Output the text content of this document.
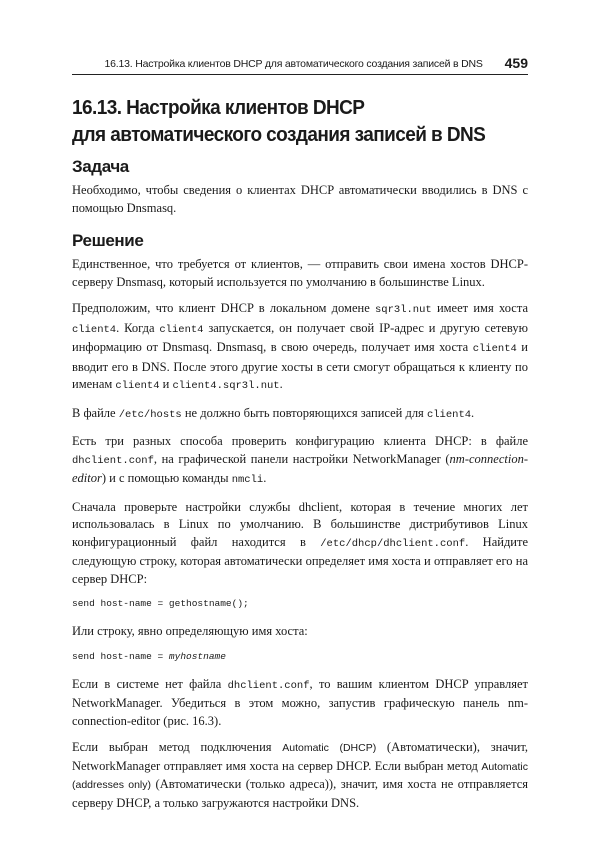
16.13. Настройка клиентов DHCP для автоматического создания записей в DNS 459
16.13. Настройка клиентов DHCP
для автоматического создания записей в DNS
Задача

Необходимо, чтобы сведения о клиентах DHCP автоматически вводились в DNS с помощью Dnsmasq.

Решение

Единственное, что требуется от клиентов, — отправить свои имена хостов DHCP-серверу Dnsmasq, который используется по умолчанию в большинстве Linux.

Предположим, что клиент DHCP в локальном домене sqr3l.nut имеет имя хоста client4. Когда client4 запускается, он получает свой IP-адрес и другую сетевую информацию от Dnsmasq. Dnsmasq, в свою очередь, получает имя хоста client4 и вводит его в DNS. После этого другие хосты в сети смогут обращаться к клиенту по именам client4 и client4.sqr3l.nut.

В файле /etc/hosts не должно быть повторяющихся записей для client4.

Есть три разных способа проверить конфигурацию клиента DHCP: в файле dhclient.conf, на графической панели настройки NetworkManager (nm-connection-editor) и с помощью команды nmcli.

Сначала проверьте настройки службы dhclient, которая в течение многих лет использовалась в Linux по умолчанию. В большинстве дистрибутивов Linux конфигурационный файл находится в /etc/dhcp/dhclient.conf. Найдите следующую строку, которая автоматически определяет имя хоста и отправляет его на сервер DHCP:

send host-name = gethostname();

Или строку, явно определяющую имя хоста:

send host-name = myhostname

Если в системе нет файла dhclient.conf, то вашим клиентом DHCP управляет NetworkManager. Убедиться в этом можно, запустив графическую панель nm-connection-editor (рис. 16.3).

Если выбран метод подключения Automatic (DHCP) (Автоматически), значит, NetworkManager отправляет имя хоста на сервер DHCP. Если выбран метод Automatic (addresses only) (Автоматически (только адреса)), значит, имя хоста не отправляется серверу DHCP, а только загружаются настройки DNS.
